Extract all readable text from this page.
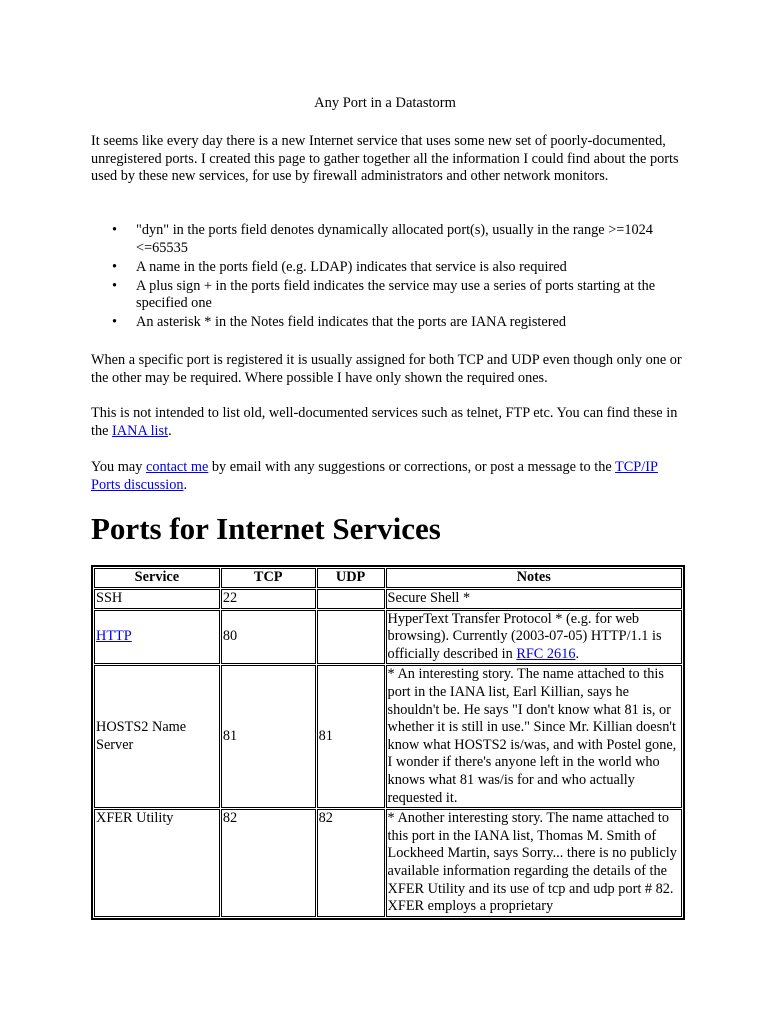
Any Port in a Datastorm

It seems like every day there is a new Internet service that uses some new set of poorly-documented, unregistered ports. I created this page to gather together all the information I could find about the ports used by these new services, for use by firewall administrators and other network monitors.

• "dyn" in the ports field denotes dynamically allocated port(s), usually in the range >=1024 <=65535
• A name in the ports field (e.g. LDAP) indicates that service is also required
• A plus sign + in the ports field indicates the service may use a series of ports starting at the specified one
• An asterisk * in the Notes field indicates that the ports are IANA registered

When a specific port is registered it is usually assigned for both TCP and UDP even though only one or the other may be required. Where possible I have only shown the required ones.

This is not intended to list old, well-documented services such as telnet, FTP etc. You can find these in the IANA list.

You may contact me by email with any suggestions or corrections, or post a message to the TCP/IP Ports discussion.

Ports for Internet Services
Service	TCP	UDP	Notes
SSH	22		Secure Shell *
HTTP	80		HyperText Transfer Protocol * (e.g. for web browsing). Currently (2003-07-05) HTTP/1.1 is officially described in RFC 2616.
HOSTS2 Name Server	81	81	* An interesting story. The name attached to this port in the IANA list, Earl Killian, says he shouldn't be. He says "I don't know what 81 is, or whether it is still in use." Since Mr. Killian doesn't know what HOSTS2 is/was, and with Postel gone, I wonder if there's anyone left in the world who knows what 81 was/is for and who actually requested it.
XFER Utility	82	82	* Another interesting story. The name attached to this port in the IANA list, Thomas M. Smith of Lockheed Martin, says Sorry... there is no publicly available information regarding the details of the XFER Utility and its use of tcp and udp port # 82. XFER employs a proprietary
